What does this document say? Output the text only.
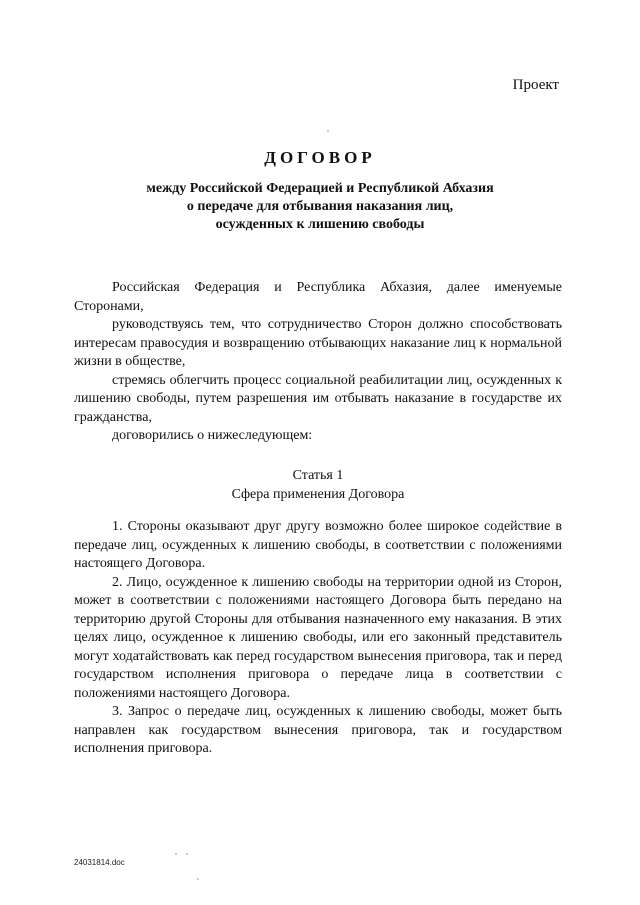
Проект

ДОГОВОР

между Российской Федерацией и Республикой Абхазия

о передаче для отбывания наказания лиц,

осужденных к лишению свободы

Российская Федерация и Республика Абхазия, далее именуемые Сторонами,

руководствуясь тем, что сотрудничество Сторон должно способствовать интересам правосудия и возвращению отбывающих наказание лиц к нормальной жизни в обществе,

стремясь облегчить процесс социальной реабилитации лиц, осужденных к лишению свободы, путем разрешения им отбывать наказание в государстве их гражданства,

договорились о нижеследующем:

Статья 1
Сфера применения Договора

1. Стороны оказывают друг другу возможно более широкое содействие в передаче лиц, осужденных к лишению свободы, в соответствии с положениями настоящего Договора.

2. Лицо, осужденное к лишению свободы на территории одной из Сторон, может в соответствии с положениями настоящего Договора быть передано на территорию другой Стороны для отбывания назначенного ему наказания. В этих целях лицо, осужденное к лишению свободы, или его законный представитель могут ходатайствовать как перед государством вынесения приговора, так и перед государством исполнения приговора о передаче лица в соответствии с положениями настоящего Договора.

3. Запрос о передаче лиц, осужденных к лишению свободы, может быть направлен как государством вынесения приговора, так и государством исполнения приговора.

24031814.doc
